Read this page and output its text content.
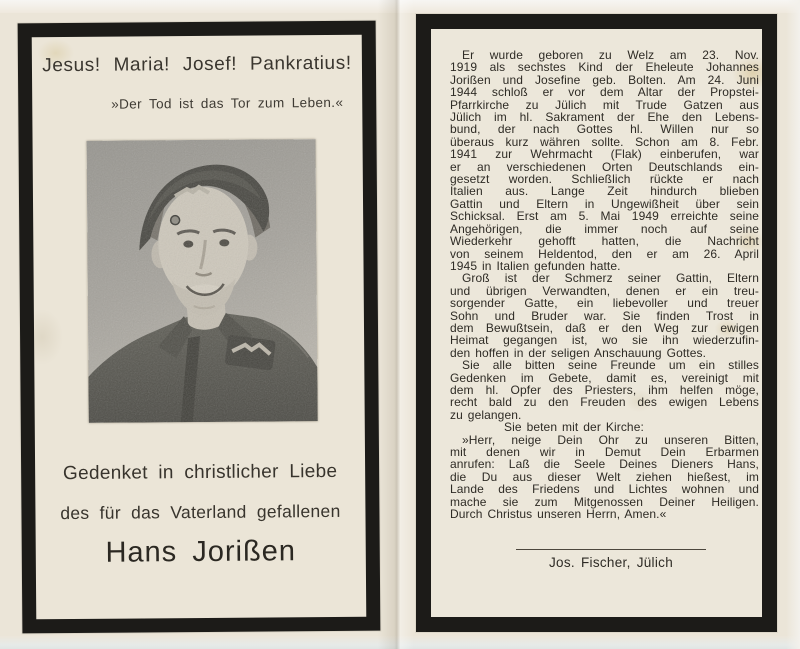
Jesus! Maria! Josef! Pankratius!
»Der Tod ist das Tor zum Leben.«
Gedenket in christlicher Liebe
des für das Vaterland gefallenen
Hans Jorißen
Er wurde geboren zu Welz am 23. Nov.
1919 als sechstes Kind der Eheleute Johannes
Jorißen und Josefine geb. Bolten. Am 24. Juni
1944 schloß er vor dem Altar der Propstei-
Pfarrkirche zu Jülich mit Trude Gatzen aus
Jülich im hl. Sakrament der Ehe den Lebens-
bund, der nach Gottes hl. Willen nur so
überaus kurz währen sollte. Schon am 8. Febr.
1941 zur Wehrmacht (Flak) einberufen, war
er an verschiedenen Orten Deutschlands ein-
gesetzt worden. Schließlich rückte er nach
Italien aus. Lange Zeit hindurch blieben
Gattin und Eltern in Ungewißheit über sein
Schicksal. Erst am 5. Mai 1949 erreichte seine
Angehörigen, die immer noch auf seine
Wiederkehr gehofft hatten, die Nachricht
von seinem Heldentod, den er am 26. April
1945 in Italien gefunden hatte.
Groß ist der Schmerz seiner Gattin, Eltern
und übrigen Verwandten, denen er ein treu-
sorgender Gatte, ein liebevoller und treuer
Sohn und Bruder war. Sie finden Trost in
dem Bewußtsein, daß er den Weg zur ewigen
Heimat gegangen ist, wo sie ihn wiederzufin-
den hoffen in der seligen Anschauung Gottes.
Sie alle bitten seine Freunde um ein stilles
Gedenken im Gebete, damit es, vereinigt mit
dem hl. Opfer des Priesters, ihm helfen möge,
recht bald zu den Freuden des ewigen Lebens
zu gelangen.
Sie beten mit der Kirche:
»Herr, neige Dein Ohr zu unseren Bitten,
mit denen wir in Demut Dein Erbarmen
anrufen: Laß die Seele Deines Dieners Hans,
die Du aus dieser Welt ziehen hießest, im
Lande des Friedens und Lichtes wohnen und
mache sie zum Mitgenossen Deiner Heiligen.
Durch Christus unseren Herrn, Amen.«
Jos. Fischer, Jülich
